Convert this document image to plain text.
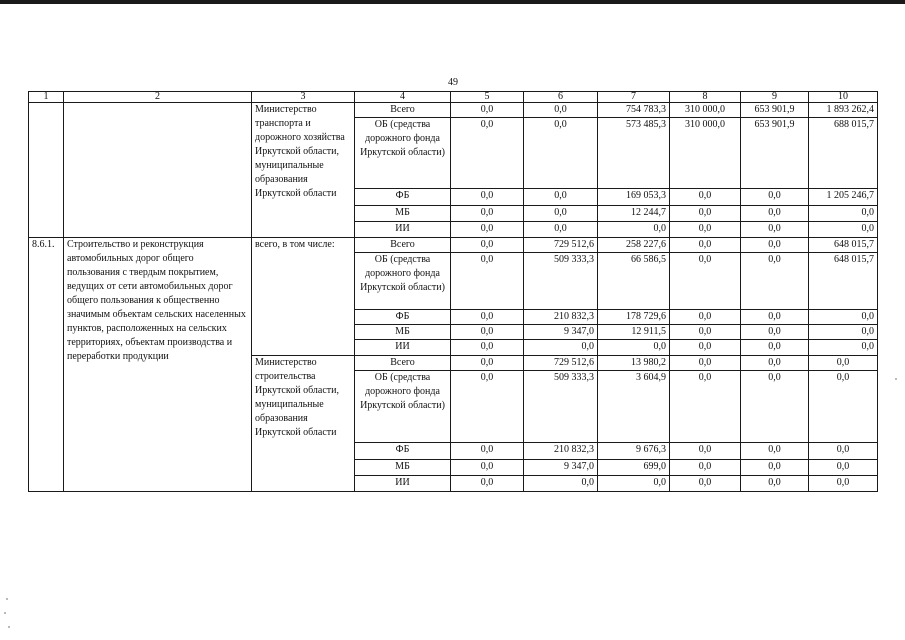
49
1	2	3	4	5	6	7	8	9	10
		Министерство транспорта и дорожного хозяйства Иркутской области, муниципальные образования Иркутской области	Всего	0,0	0,0	754 783,3	310 000,0	653 901,9	1 893 262,4
			ОБ (средства дорожного фонда Иркутской области)	0,0	0,0	573 485,3	310 000,0	653 901,9	688 015,7
			ФБ	0,0	0,0	169 053,3	0,0	0,0	1 205 246,7
			МБ	0,0	0,0	12 244,7	0,0	0,0	0,0
			ИИ	0,0	0,0	0,0	0,0	0,0	0,0
8.6.1.	Строительство и реконструкция автомобильных дорог общего пользования с твердым покрытием, ведущих от сети автомобильных дорог общего пользования к общественно значимым объектам сельских населенных пунктов, расположенных на сельских территориях, объектам производства и переработки продукции	всего, в том числе:	Всего	0,0	729 512,6	258 227,6	0,0	0,0	648 015,7
			ОБ (средства дорожного фонда Иркутской области)	0,0	509 333,3	66 586,5	0,0	0,0	648 015,7
			ФБ	0,0	210 832,3	178 729,6	0,0	0,0	0,0
			МБ	0,0	9 347,0	12 911,5	0,0	0,0	0,0
			ИИ	0,0	0,0	0,0	0,0	0,0	0,0
		Министерство строительства Иркутской области, муниципальные образования Иркутской области	Всего	0,0	729 512,6	13 980,2	0,0	0,0	0,0
			ОБ (средства дорожного фонда Иркутской области)	0,0	509 333,3	3 604,9	0,0	0,0	0,0
			ФБ	0,0	210 832,3	9 676,3	0,0	0,0	0,0
			МБ	0,0	9 347,0	699,0	0,0	0,0	0,0
			ИИ	0,0	0,0	0,0	0,0	0,0	0,0
